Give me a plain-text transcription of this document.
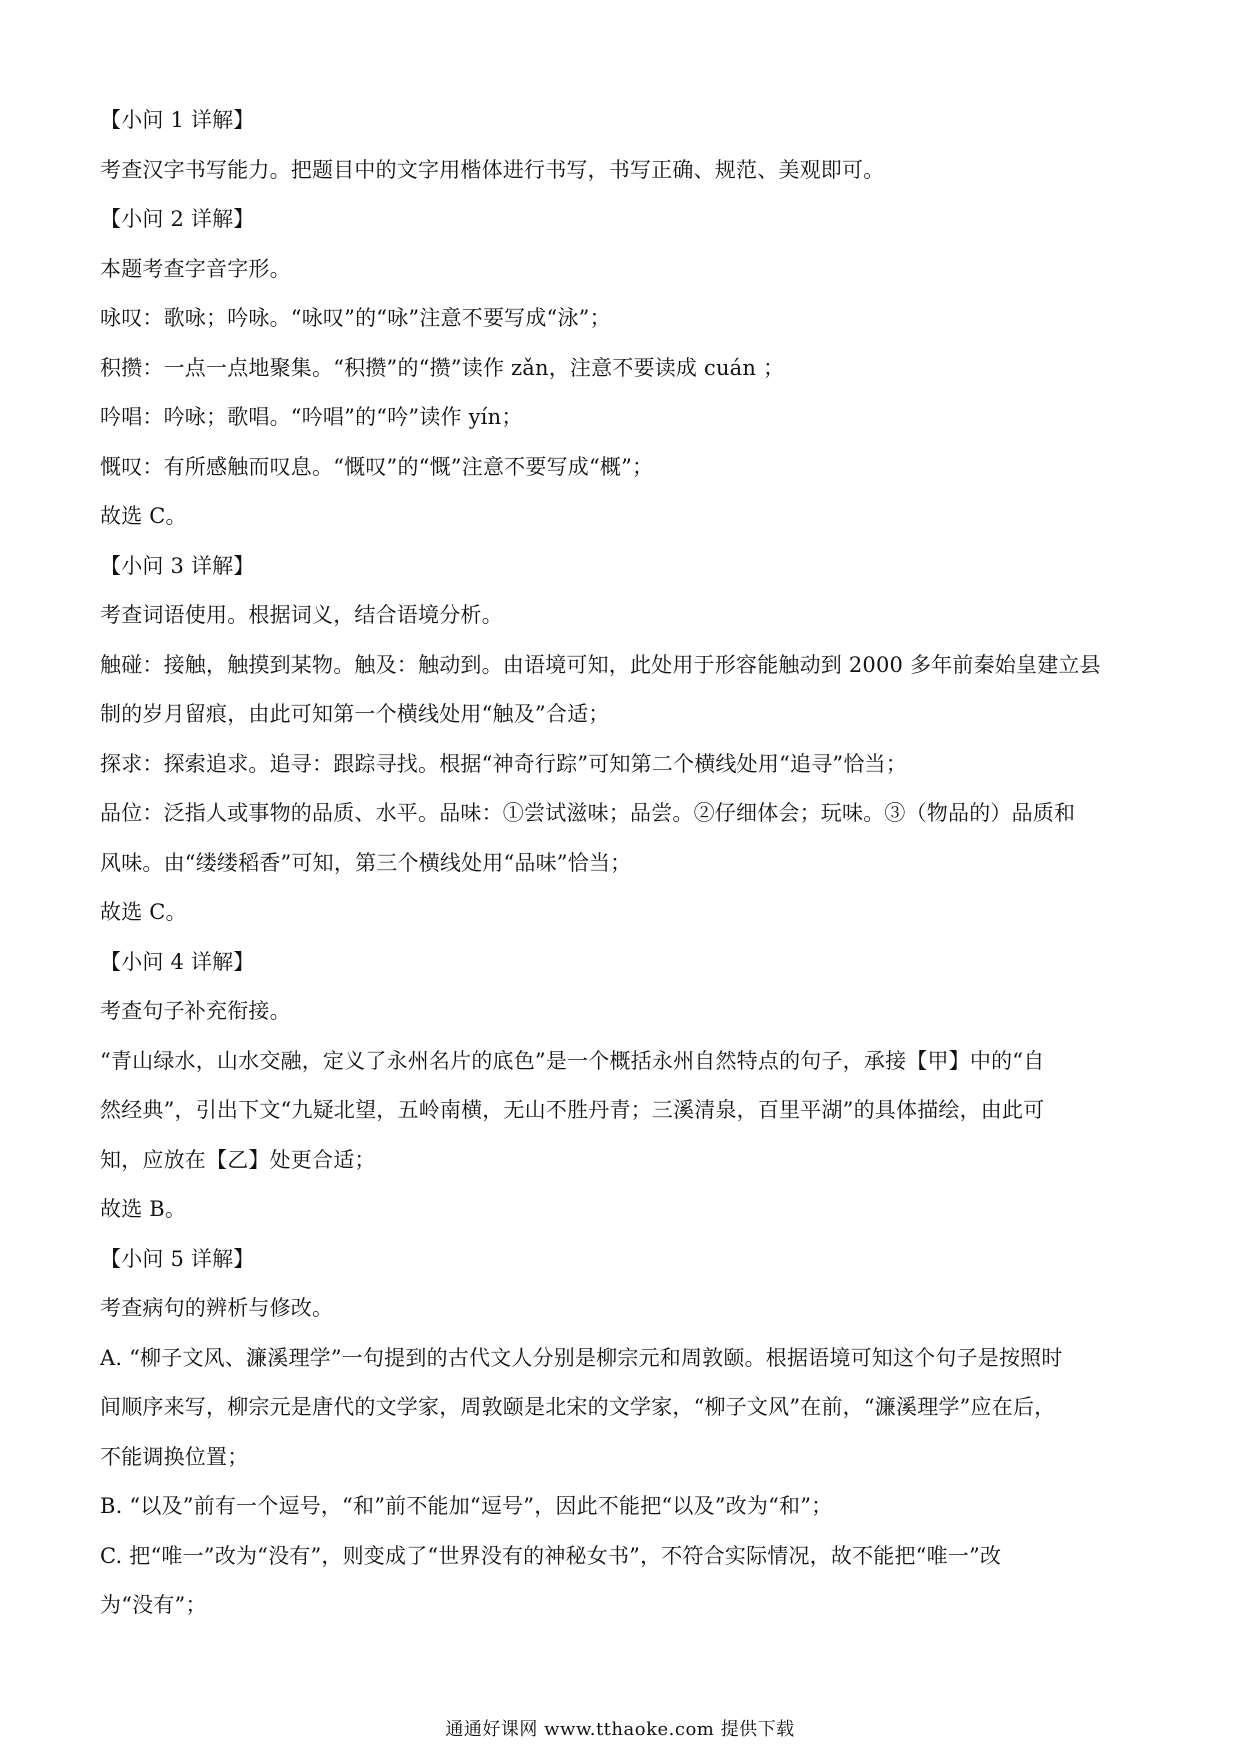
【小问 1 详解】
考查汉字书写能力。把题目中的文字用楷体进行书写，书写正确、规范、美观即可。
【小问 2 详解】
本题考查字音字形。
咏叹：歌咏；吟咏。“咏叹”的“咏”注意不要写成“泳”；
积攒：一点一点地聚集。“积攒”的“攒”读作 zǎn，注意不要读成 cuán ；
吟唱：吟咏；歌唱。“吟唱”的“吟”读作 yín；
慨叹：有所感触而叹息。“慨叹”的“慨”注意不要写成“概”；
故选 C。
【小问 3 详解】
考查词语使用。根据词义，结合语境分析。
触碰：接触，触摸到某物。触及：触动到。由语境可知，此处用于形容能触动到 2000 多年前秦始皇建立县
制的岁月留痕，由此可知第一个横线处用“触及”合适；
探求：探索追求。追寻：跟踪寻找。根据“神奇行踪”可知第二个横线处用“追寻”恰当；
品位：泛指人或事物的品质、水平。品味：①尝试滋味；品尝。②仔细体会；玩味。③（物品的）品质和
风味。由“缕缕稻香”可知，第三个横线处用“品味”恰当；
故选 C。
【小问 4 详解】
考查句子补充衔接。
“青山绿水，山水交融，定义了永州名片的底色”是一个概括永州自然特点的句子，承接【甲】中的“自
然经典”，引出下文“九疑北望，五岭南横，无山不胜丹青；三溪清泉，百里平湖”的具体描绘，由此可
知，应放在【乙】处更合适；
故选 B。
【小问 5 详解】
考查病句的辨析与修改。
A. “柳子文风、濂溪理学”一句提到的古代文人分别是柳宗元和周敦颐。根据语境可知这个句子是按照时
间顺序来写，柳宗元是唐代的文学家，周敦颐是北宋的文学家，“柳子文风”在前，“濂溪理学”应在后，
不能调换位置；
B. “以及”前有一个逗号，“和”前不能加“逗号”，因此不能把“以及”改为“和”；
C. 把“唯一”改为“没有”，则变成了“世界没有的神秘女书”，不符合实际情况，故不能把“唯一”改
为“没有”；
通通好课网 www.tthaoke.com 提供下载
